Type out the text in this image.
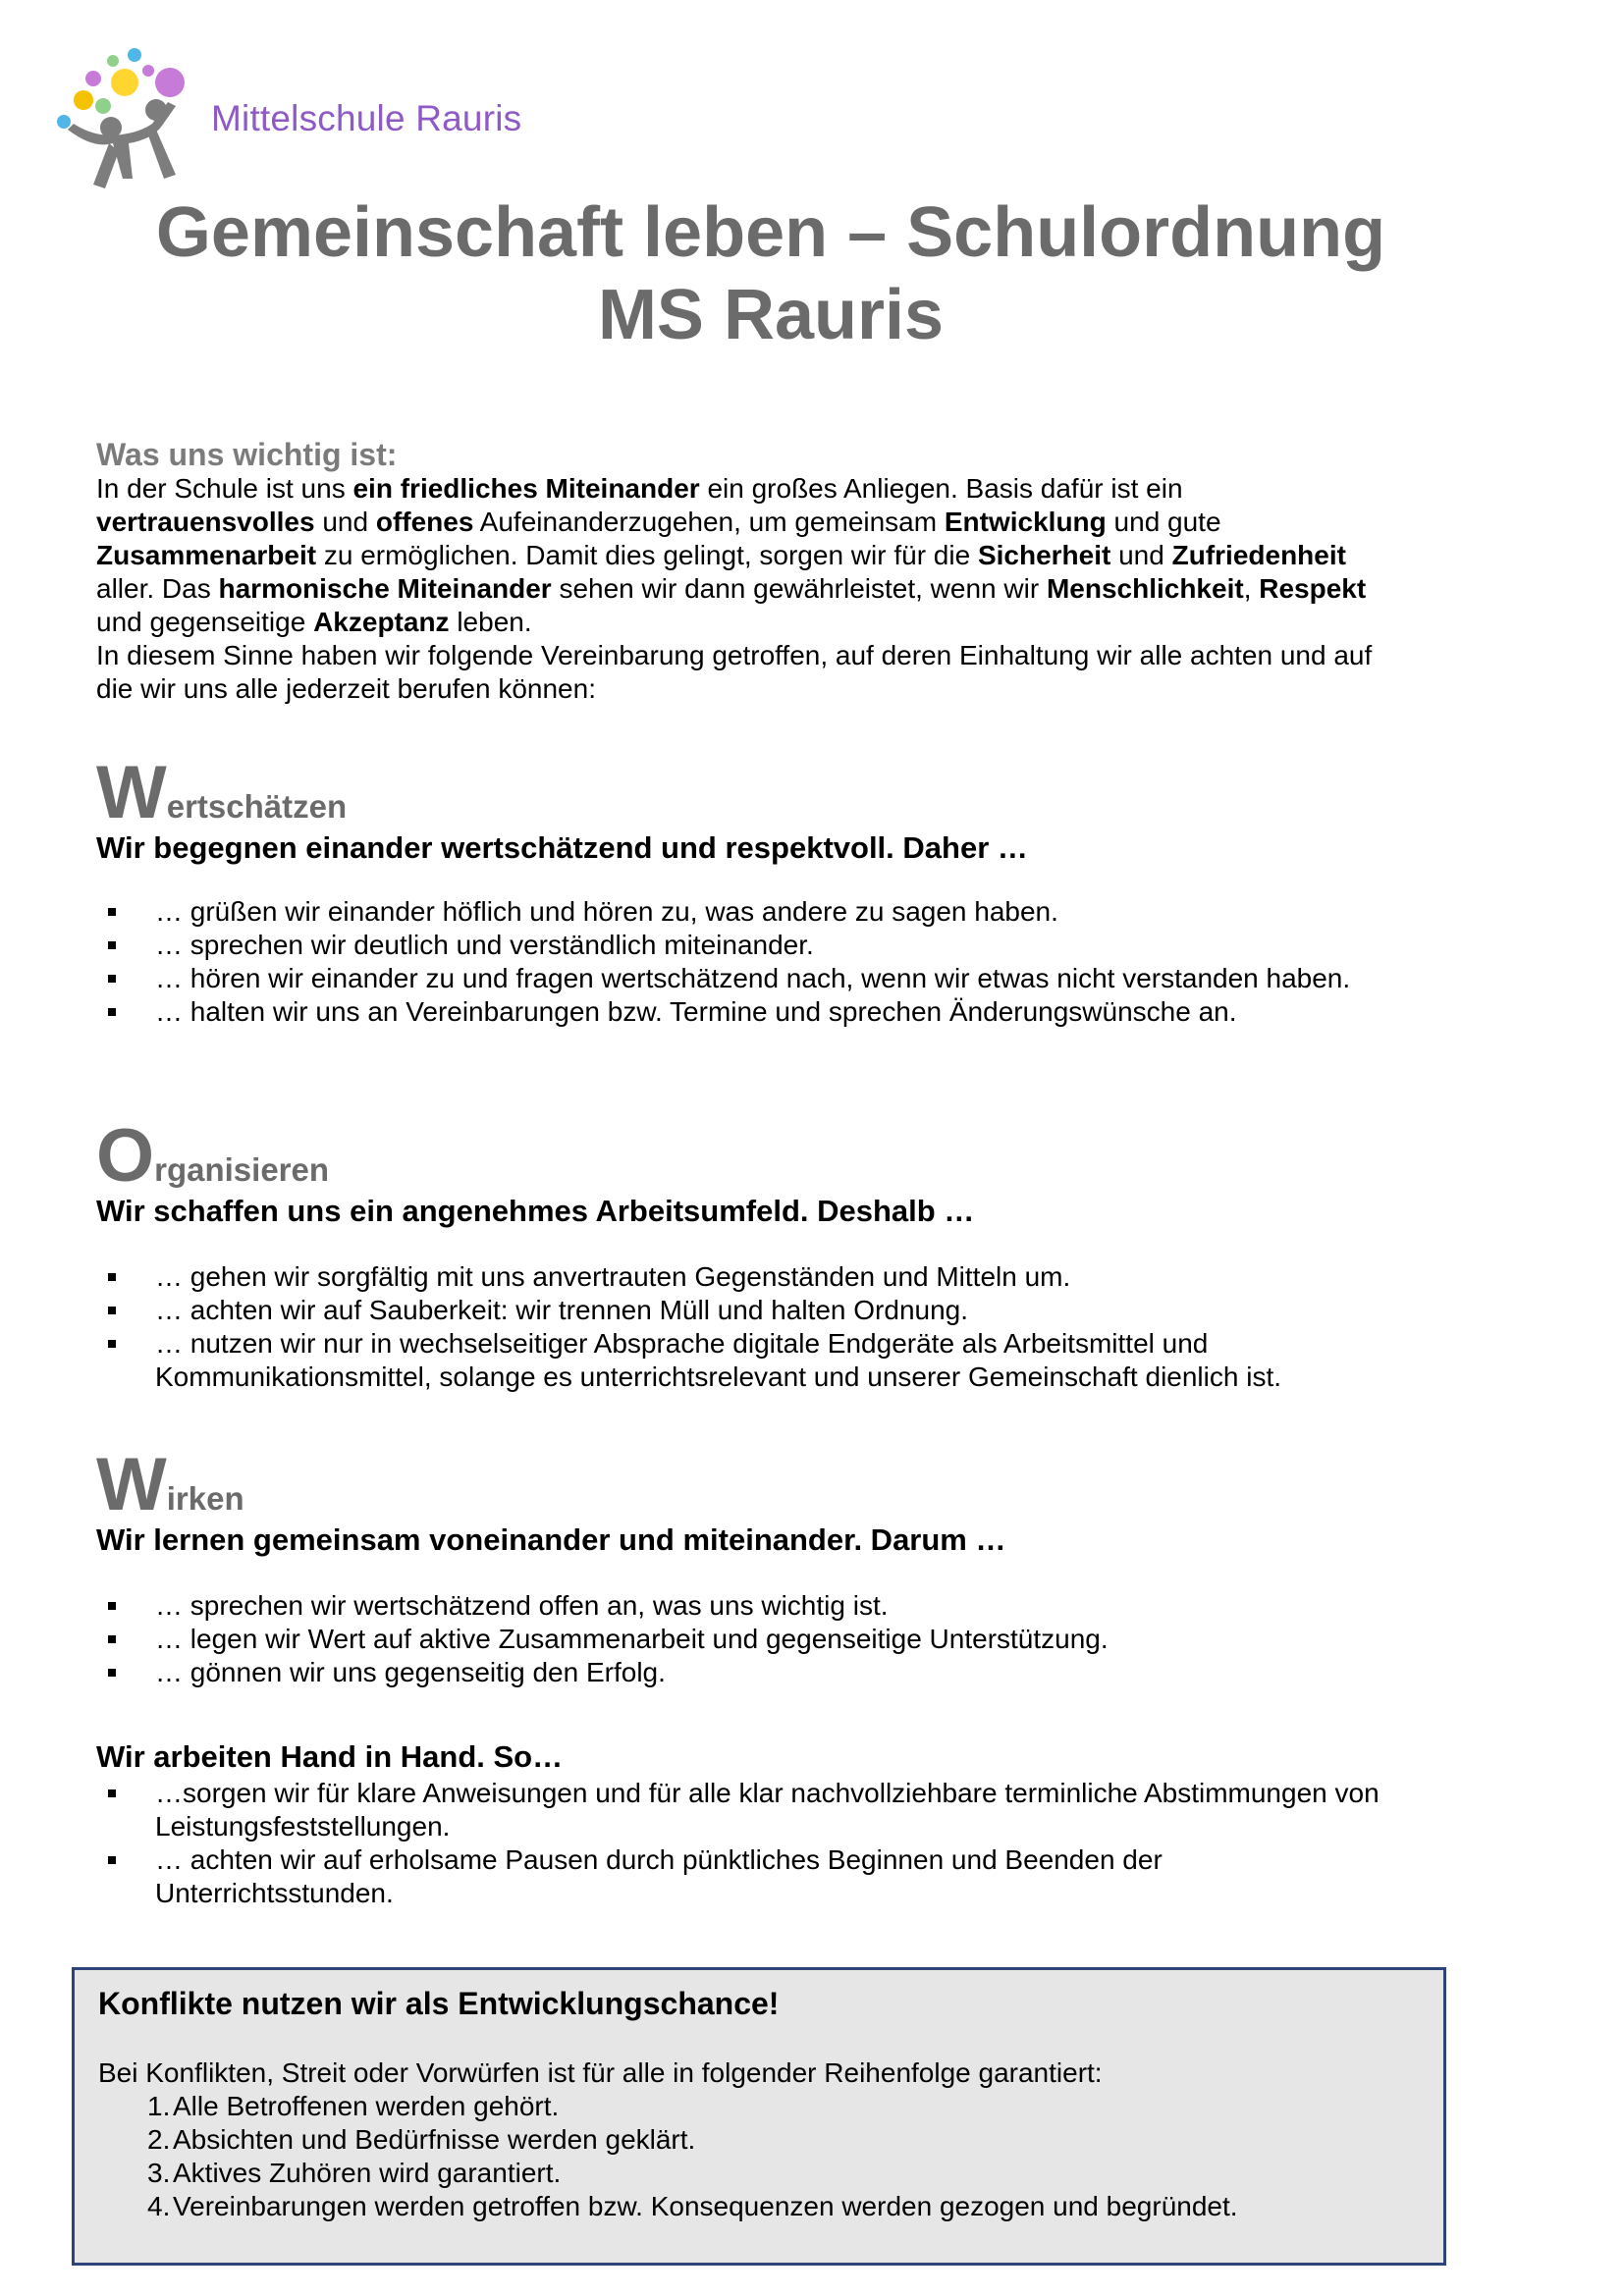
Mittelschule Rauris
Gemeinschaft leben – Schulordnung
MS Rauris
Was uns wichtig ist:
In der Schule ist uns ein friedliches Miteinander ein großes Anliegen. Basis dafür ist ein
vertrauensvolles und offenes Aufeinanderzugehen, um gemeinsam Entwicklung und gute
Zusammenarbeit zu ermöglichen. Damit dies gelingt, sorgen wir für die Sicherheit und Zufriedenheit
aller. Das harmonische Miteinander sehen wir dann gewährleistet, wenn wir Menschlichkeit, Respekt
und gegenseitige Akzeptanz leben.
In diesem Sinne haben wir folgende Vereinbarung getroffen, auf deren Einhaltung wir alle achten und auf
die wir uns alle jederzeit berufen können:
Wertschätzen
Wir begegnen einander wertschätzend und respektvoll. Daher …
… grüßen wir einander höflich und hören zu, was andere zu sagen haben.
… sprechen wir deutlich und verständlich miteinander.
… hören wir einander zu und fragen wertschätzend nach, wenn wir etwas nicht verstanden haben.
… halten wir uns an Vereinbarungen bzw. Termine und sprechen Änderungswünsche an.
Organisieren
Wir schaffen uns ein angenehmes Arbeitsumfeld. Deshalb …
… gehen wir sorgfältig mit uns anvertrauten Gegenständen und Mitteln um.
… achten wir auf Sauberkeit: wir trennen Müll und halten Ordnung.
… nutzen wir nur in wechselseitiger Absprache digitale Endgeräte als Arbeitsmittel und Kommunikationsmittel, solange es unterrichtsrelevant und unserer Gemeinschaft dienlich ist.
Wirken
Wir lernen gemeinsam voneinander und miteinander. Darum …
… sprechen wir wertschätzend offen an, was uns wichtig ist.
… legen wir Wert auf aktive Zusammenarbeit und gegenseitige Unterstützung.
… gönnen wir uns gegenseitig den Erfolg.
Wir arbeiten Hand in Hand. So…
…sorgen wir für klare Anweisungen und für alle klar nachvollziehbare terminliche Abstimmungen von Leistungsfeststellungen.
… achten wir auf erholsame Pausen durch pünktliches Beginnen und Beenden der Unterrichtsstunden.
Konflikte nutzen wir als Entwicklungschance!
Bei Konflikten, Streit oder Vorwürfen ist für alle in folgender Reihenfolge garantiert:
1. Alle Betroffenen werden gehört.
2. Absichten und Bedürfnisse werden geklärt.
3. Aktives Zuhören wird garantiert.
4. Vereinbarungen werden getroffen bzw. Konsequenzen werden gezogen und begründet.
